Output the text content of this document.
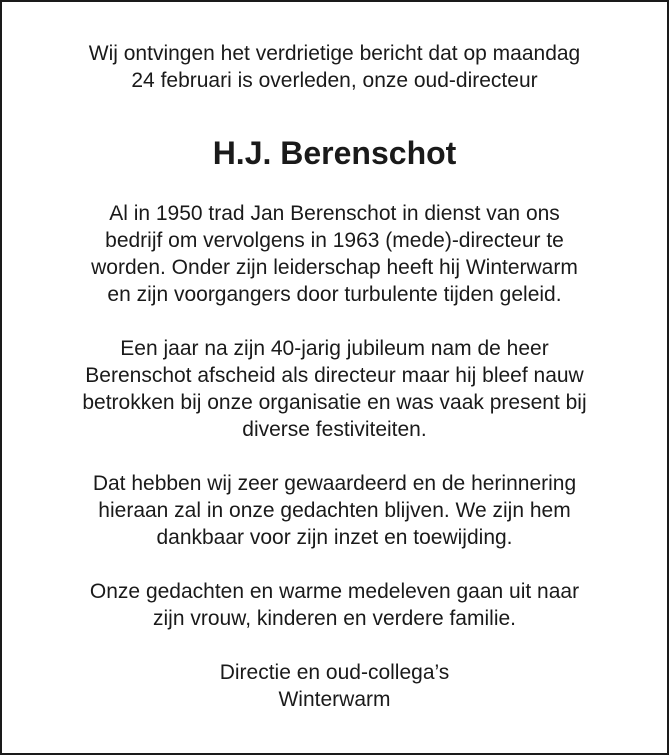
Wij ontvingen het verdrietige bericht dat op maandag
24 februari is overleden, onze oud-directeur

H.J. Berenschot

Al in 1950 trad Jan Berenschot in dienst van ons
bedrijf om vervolgens in 1963 (mede)-directeur te
worden. Onder zijn leiderschap heeft hij Winterwarm
en zijn voorgangers door turbulente tijden geleid.

Een jaar na zijn 40-jarig jubileum nam de heer
Berenschot afscheid als directeur maar hij bleef nauw
betrokken bij onze organisatie en was vaak present bij
diverse festiviteiten.

Dat hebben wij zeer gewaardeerd en de herinnering
hieraan zal in onze gedachten blijven. We zijn hem
dankbaar voor zijn inzet en toewijding.

Onze gedachten en warme medeleven gaan uit naar
zijn vrouw, kinderen en verdere familie.

Directie en oud-collega’s
Winterwarm
